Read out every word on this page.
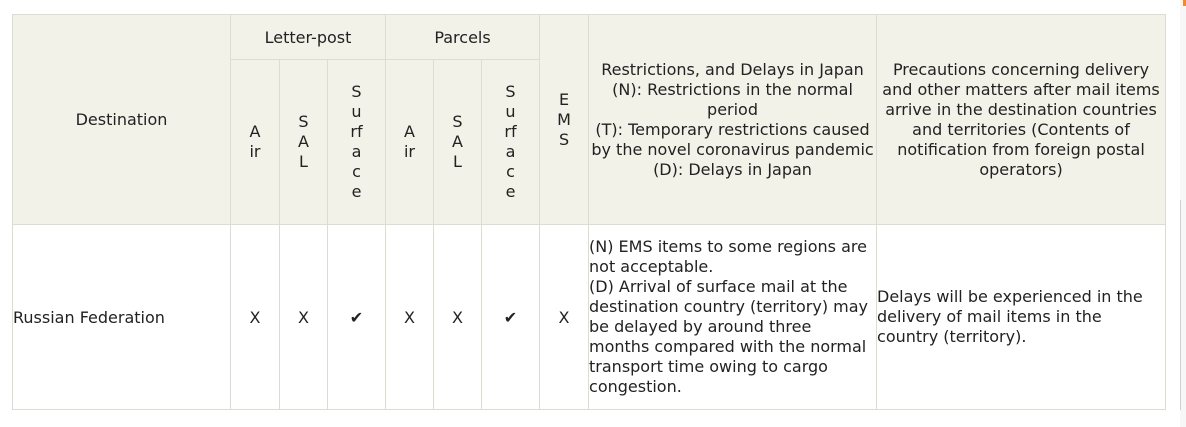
Destination	Letter-post			Parcels			EMS	Restrictions, and Delays in Japan
(N): Restrictions in the normal period
(T): Temporary restrictions caused by the novel coronavirus pandemic
(D): Delays in Japan	Precautions concerning delivery and other matters after mail items arrive in the destination countries and territories (Contents of notification from foreign postal operators)

	Air	SAL	Surface	Air	SAL	Surface			

Russian Federation	X	X	✔	X	X	✔	X	(N) EMS items to some regions are not acceptable.
(D) Arrival of surface mail at the destination country (territory) may be delayed by around three months compared with the normal transport time owing to cargo congestion.	Delays will be experienced in the delivery of mail items in the country (territory).
